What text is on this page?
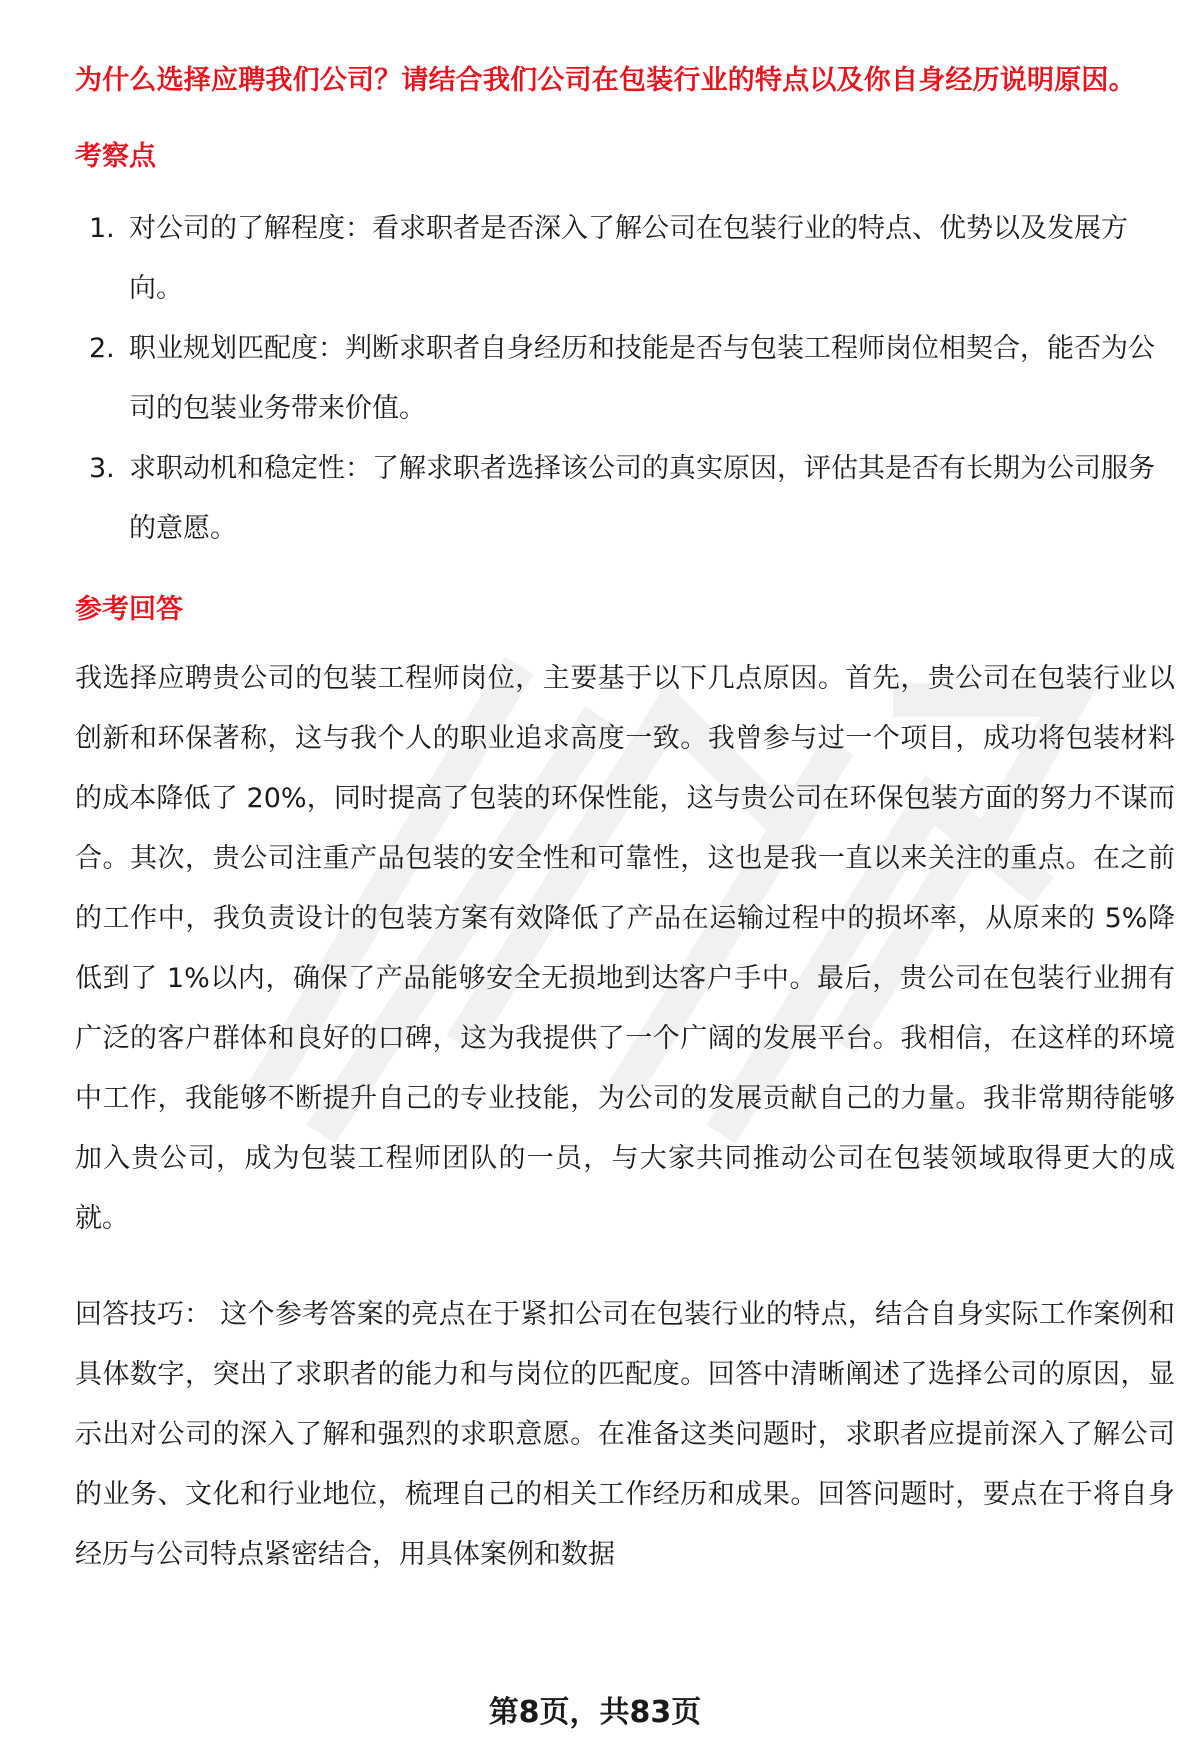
为什么选择应聘我们公司？请结合我们公司在包装行业的特点以及你自身经历说明原因。

考察点

1. 对公司的了解程度：看求职者是否深入了解公司在包装行业的特点、优势以及发展方向。
2. 职业规划匹配度：判断求职者自身经历和技能是否与包装工程师岗位相契合，能否为公司的包装业务带来价值。
3. 求职动机和稳定性：了解求职者选择该公司的真实原因，评估其是否有长期为公司服务的意愿。

参考回答

我选择应聘贵公司的包装工程师岗位，主要基于以下几点原因。首先，贵公司在包装行业以创新和环保著称，这与我个人的职业追求高度一致。我曾参与过一个项目，成功将包装材料的成本降低了 20%，同时提高了包装的环保性能，这与贵公司在环保包装方面的努力不谋而合。其次，贵公司注重产品包装的安全性和可靠性，这也是我一直以来关注的重点。在之前的工作中，我负责设计的包装方案有效降低了产品在运输过程中的损坏率，从原来的 5%降低到了 1%以内，确保了产品能够安全无损地到达客户手中。最后，贵公司在包装行业拥有广泛的客户群体和良好的口碑，这为我提供了一个广阔的发展平台。我相信，在这样的环境中工作，我能够不断提升自己的专业技能，为公司的发展贡献自己的力量。我非常期待能够加入贵公司，成为包装工程师团队的一员，与大家共同推动公司在包装领域取得更大的成就。

回答技巧： 这个参考答案的亮点在于紧扣公司在包装行业的特点，结合自身实际工作案例和具体数字，突出了求职者的能力和与岗位的匹配度。回答中清晰阐述了选择公司的原因，显示出对公司的深入了解和强烈的求职意愿。在准备这类问题时，求职者应提前深入了解公司的业务、文化和行业地位，梳理自己的相关工作经历和成果。回答问题时，要点在于将自身经历与公司特点紧密结合，用具体案例和数据

第8页，共83页
